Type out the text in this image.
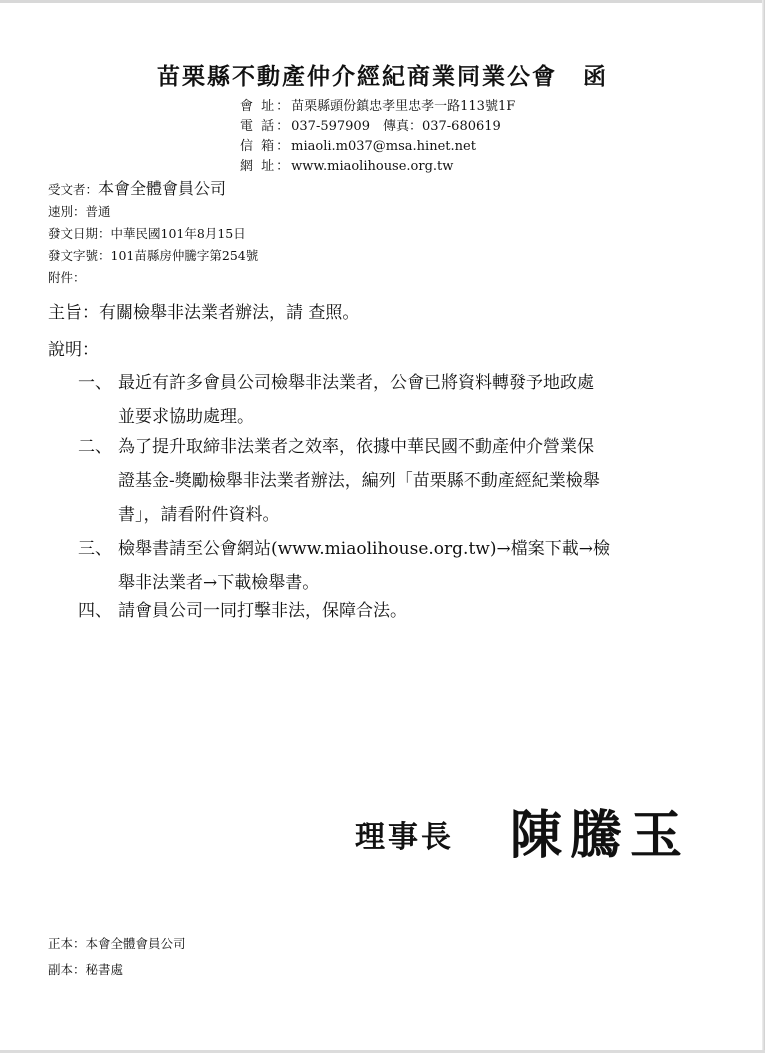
苗栗縣不動產仲介經紀商業同業公會 函
會 址：苗栗縣頭份鎮忠孝里忠孝一路113號1F
電 話：037-597909　傳真：037-680619
信 箱：miaoli.m037@msa.hinet.net
網 址：www.miaolihouse.org.tw
受文者：本會全體會員公司
速別：普通
發文日期：中華民國101年8月15日
發文字號：101苗縣房仲騰字第254號
附件：
主旨：有關檢舉非法業者辦法，請 查照。
說明：
一、 最近有許多會員公司檢舉非法業者，公會已將資料轉發予地政處
並要求協助處理。
二、 為了提升取締非法業者之效率，依據中華民國不動產仲介營業保
證基金-獎勵檢舉非法業者辦法，編列「苗栗縣不動產經紀業檢舉
書」，請看附件資料。
三、 檢舉書請至公會網站(www.miaolihouse.org.tw)→檔案下載→檢
舉非法業者→下載檢舉書。
四、 請會員公司一同打擊非法，保障合法。
理事長 陳騰玉
正本：本會全體會員公司
副本：秘書處
